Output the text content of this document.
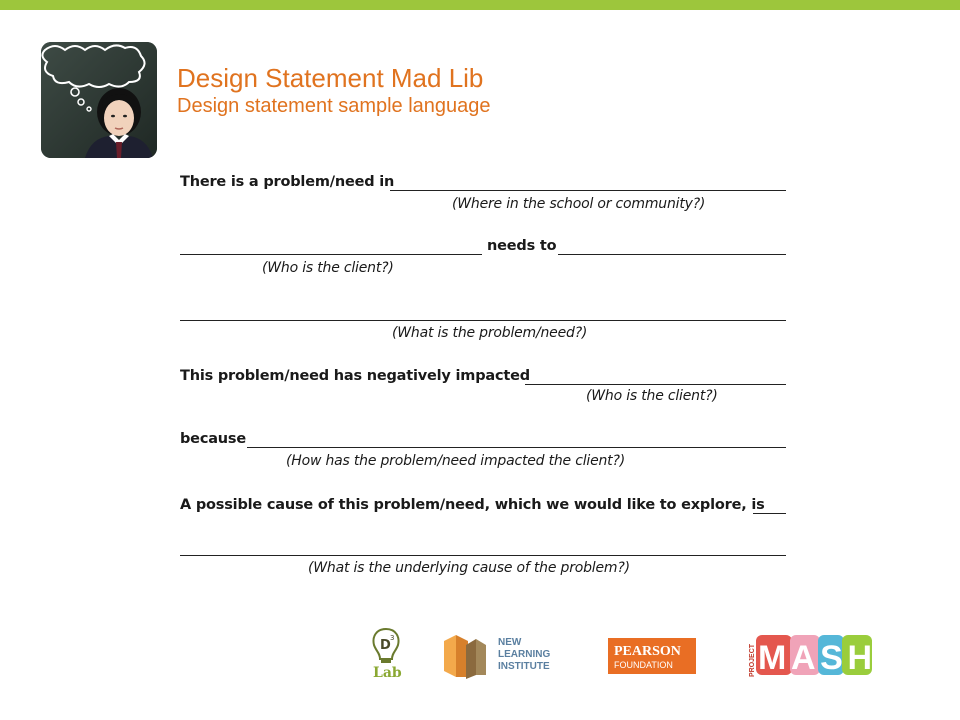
Design Statement Mad Lib

Design statement sample language

There is a problem/need in
(Where in the school or community?)
needs to
(Who is the client?)
(What is the problem/need?)
This problem/need has negatively impacted
(Who is the client?)
because
(How has the problem/need impacted the client?)
A possible cause of this problem/need, which we would like to explore, is
(What is the underlying cause of the problem?)
D 3
Lab
NEW
LEARNING
INSTITUTE
PEARSON
FOUNDATION	PROJECT MASH
